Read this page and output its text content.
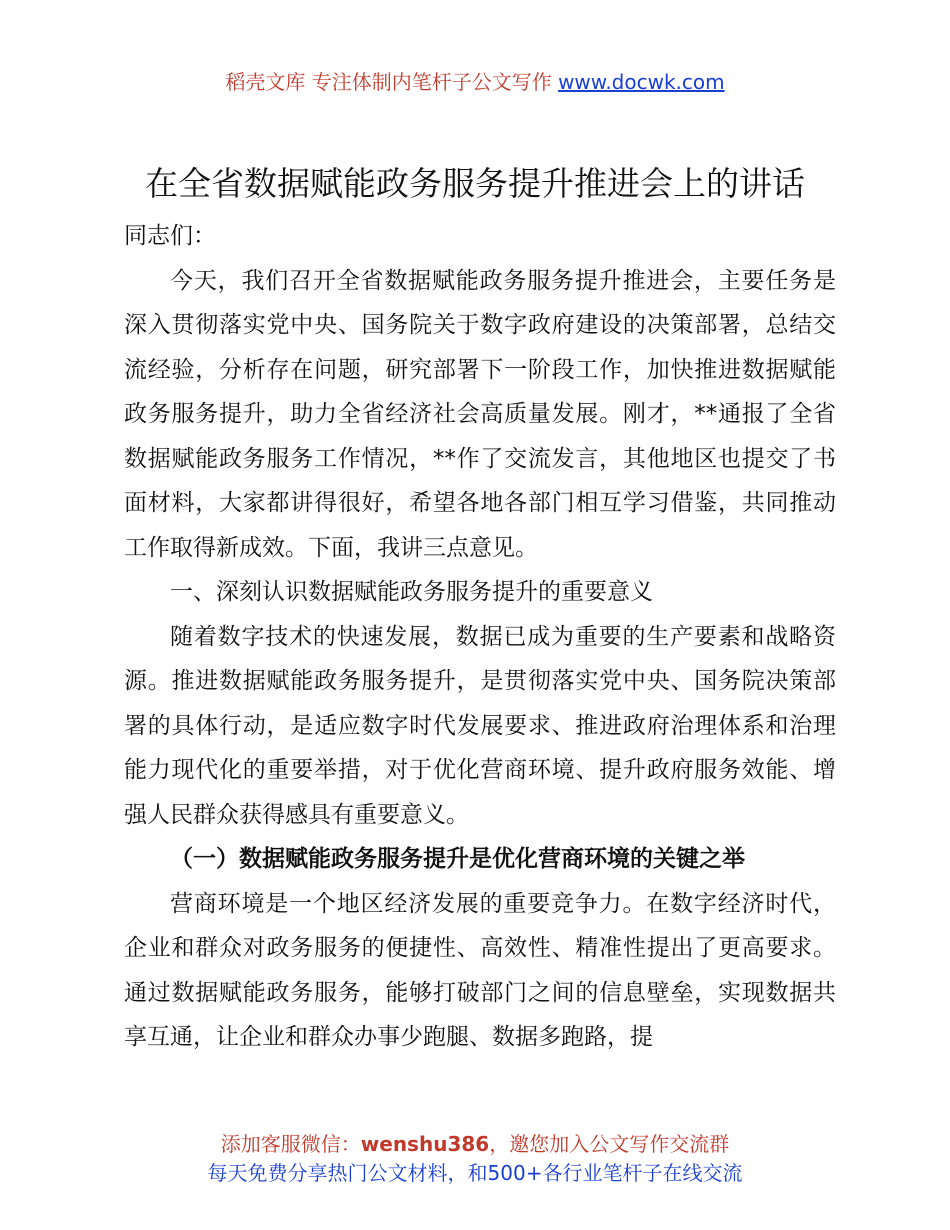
稻壳文库 专注体制内笔杆子公文写作 www.docwk.com
在全省数据赋能政务服务提升推进会上的讲话

同志们：

今天，我们召开全省数据赋能政务服务提升推进会，主要任务是深入贯彻落实党中央、国务院关于数字政府建设的决策部署，总结交流经验，分析存在问题，研究部署下一阶段工作，加快推进数据赋能政务服务提升，助力全省经济社会高质量发展。刚才，**通报了全省数据赋能政务服务工作情况，**作了交流发言，其他地区也提交了书面材料，大家都讲得很好，希望各地各部门相互学习借鉴，共同推动工作取得新成效。下面，我讲三点意见。

一、深刻认识数据赋能政务服务提升的重要意义

随着数字技术的快速发展，数据已成为重要的生产要素和战略资源。推进数据赋能政务服务提升，是贯彻落实党中央、国务院决策部署的具体行动，是适应数字时代发展要求、推进政府治理体系和治理能力现代化的重要举措，对于优化营商环境、提升政府服务效能、增强人民群众获得感具有重要意义。

（一）数据赋能政务服务提升是优化营商环境的关键之举

营商环境是一个地区经济发展的重要竞争力。在数字经济时代，企业和群众对政务服务的便捷性、高效性、精准性提出了更高要求。通过数据赋能政务服务，能够打破部门之间的信息壁垒，实现数据共享互通，让企业和群众办事少跑腿、数据多跑路，提

添加客服微信：wenshu386，邀您加入公文写作交流群
每天免费分享热门公文材料，和500+各行业笔杆子在线交流
